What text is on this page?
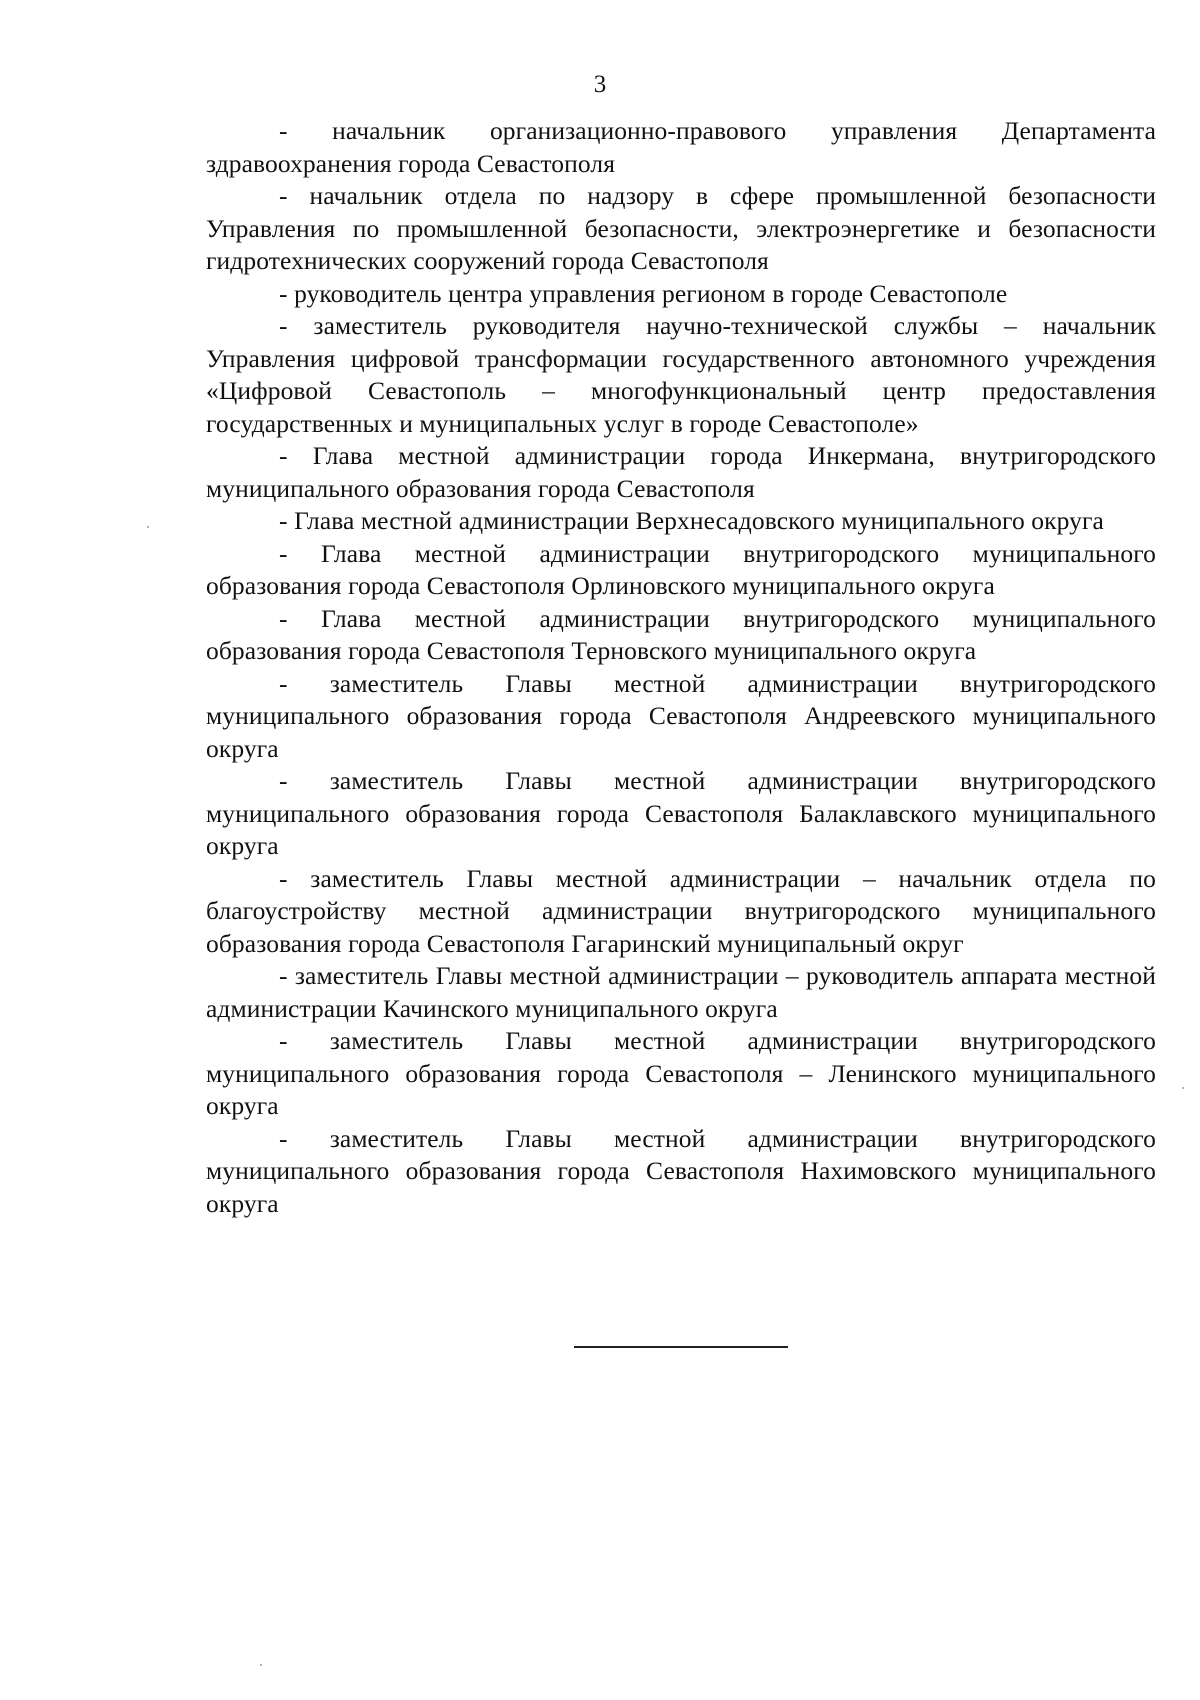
3

- начальник организационно-правового управления Департамента здравоохранения города Севастополя

- начальник отдела по надзору в сфере промышленной безопасности Управления по промышленной безопасности, электроэнергетике и безопасности гидротехнических сооружений города Севастополя

- руководитель центра управления регионом в городе Севастополе

- заместитель руководителя научно-технической службы – начальник Управления цифровой трансформации государственного автономного учреждения «Цифровой Севастополь – многофункциональный центр предоставления государственных и муниципальных услуг в городе Севастополе»

- Глава местной администрации города Инкермана, внутригородского муниципального образования города Севастополя

- Глава местной администрации Верхнесадовского муниципального округа

- Глава местной администрации внутригородского муниципального образования города Севастополя Орлиновского муниципального округа

- Глава местной администрации внутригородского муниципального образования города Севастополя Терновского муниципального округа

- заместитель Главы местной администрации внутригородского муниципального образования города Севастополя Андреевского муниципального округа

- заместитель Главы местной администрации внутригородского муниципального образования города Севастополя Балаклавского муниципального округа

- заместитель Главы местной администрации – начальник отдела по благоустройству местной администрации внутригородского муниципального образования города Севастополя Гагаринский муниципальный округ

- заместитель Главы местной администрации – руководитель аппарата местной администрации Качинского муниципального округа

- заместитель Главы местной администрации внутригородского муниципального образования города Севастополя – Ленинского муниципального округа

- заместитель Главы местной администрации внутригородского муниципального образования города Севастополя Нахимовского муниципального округа
